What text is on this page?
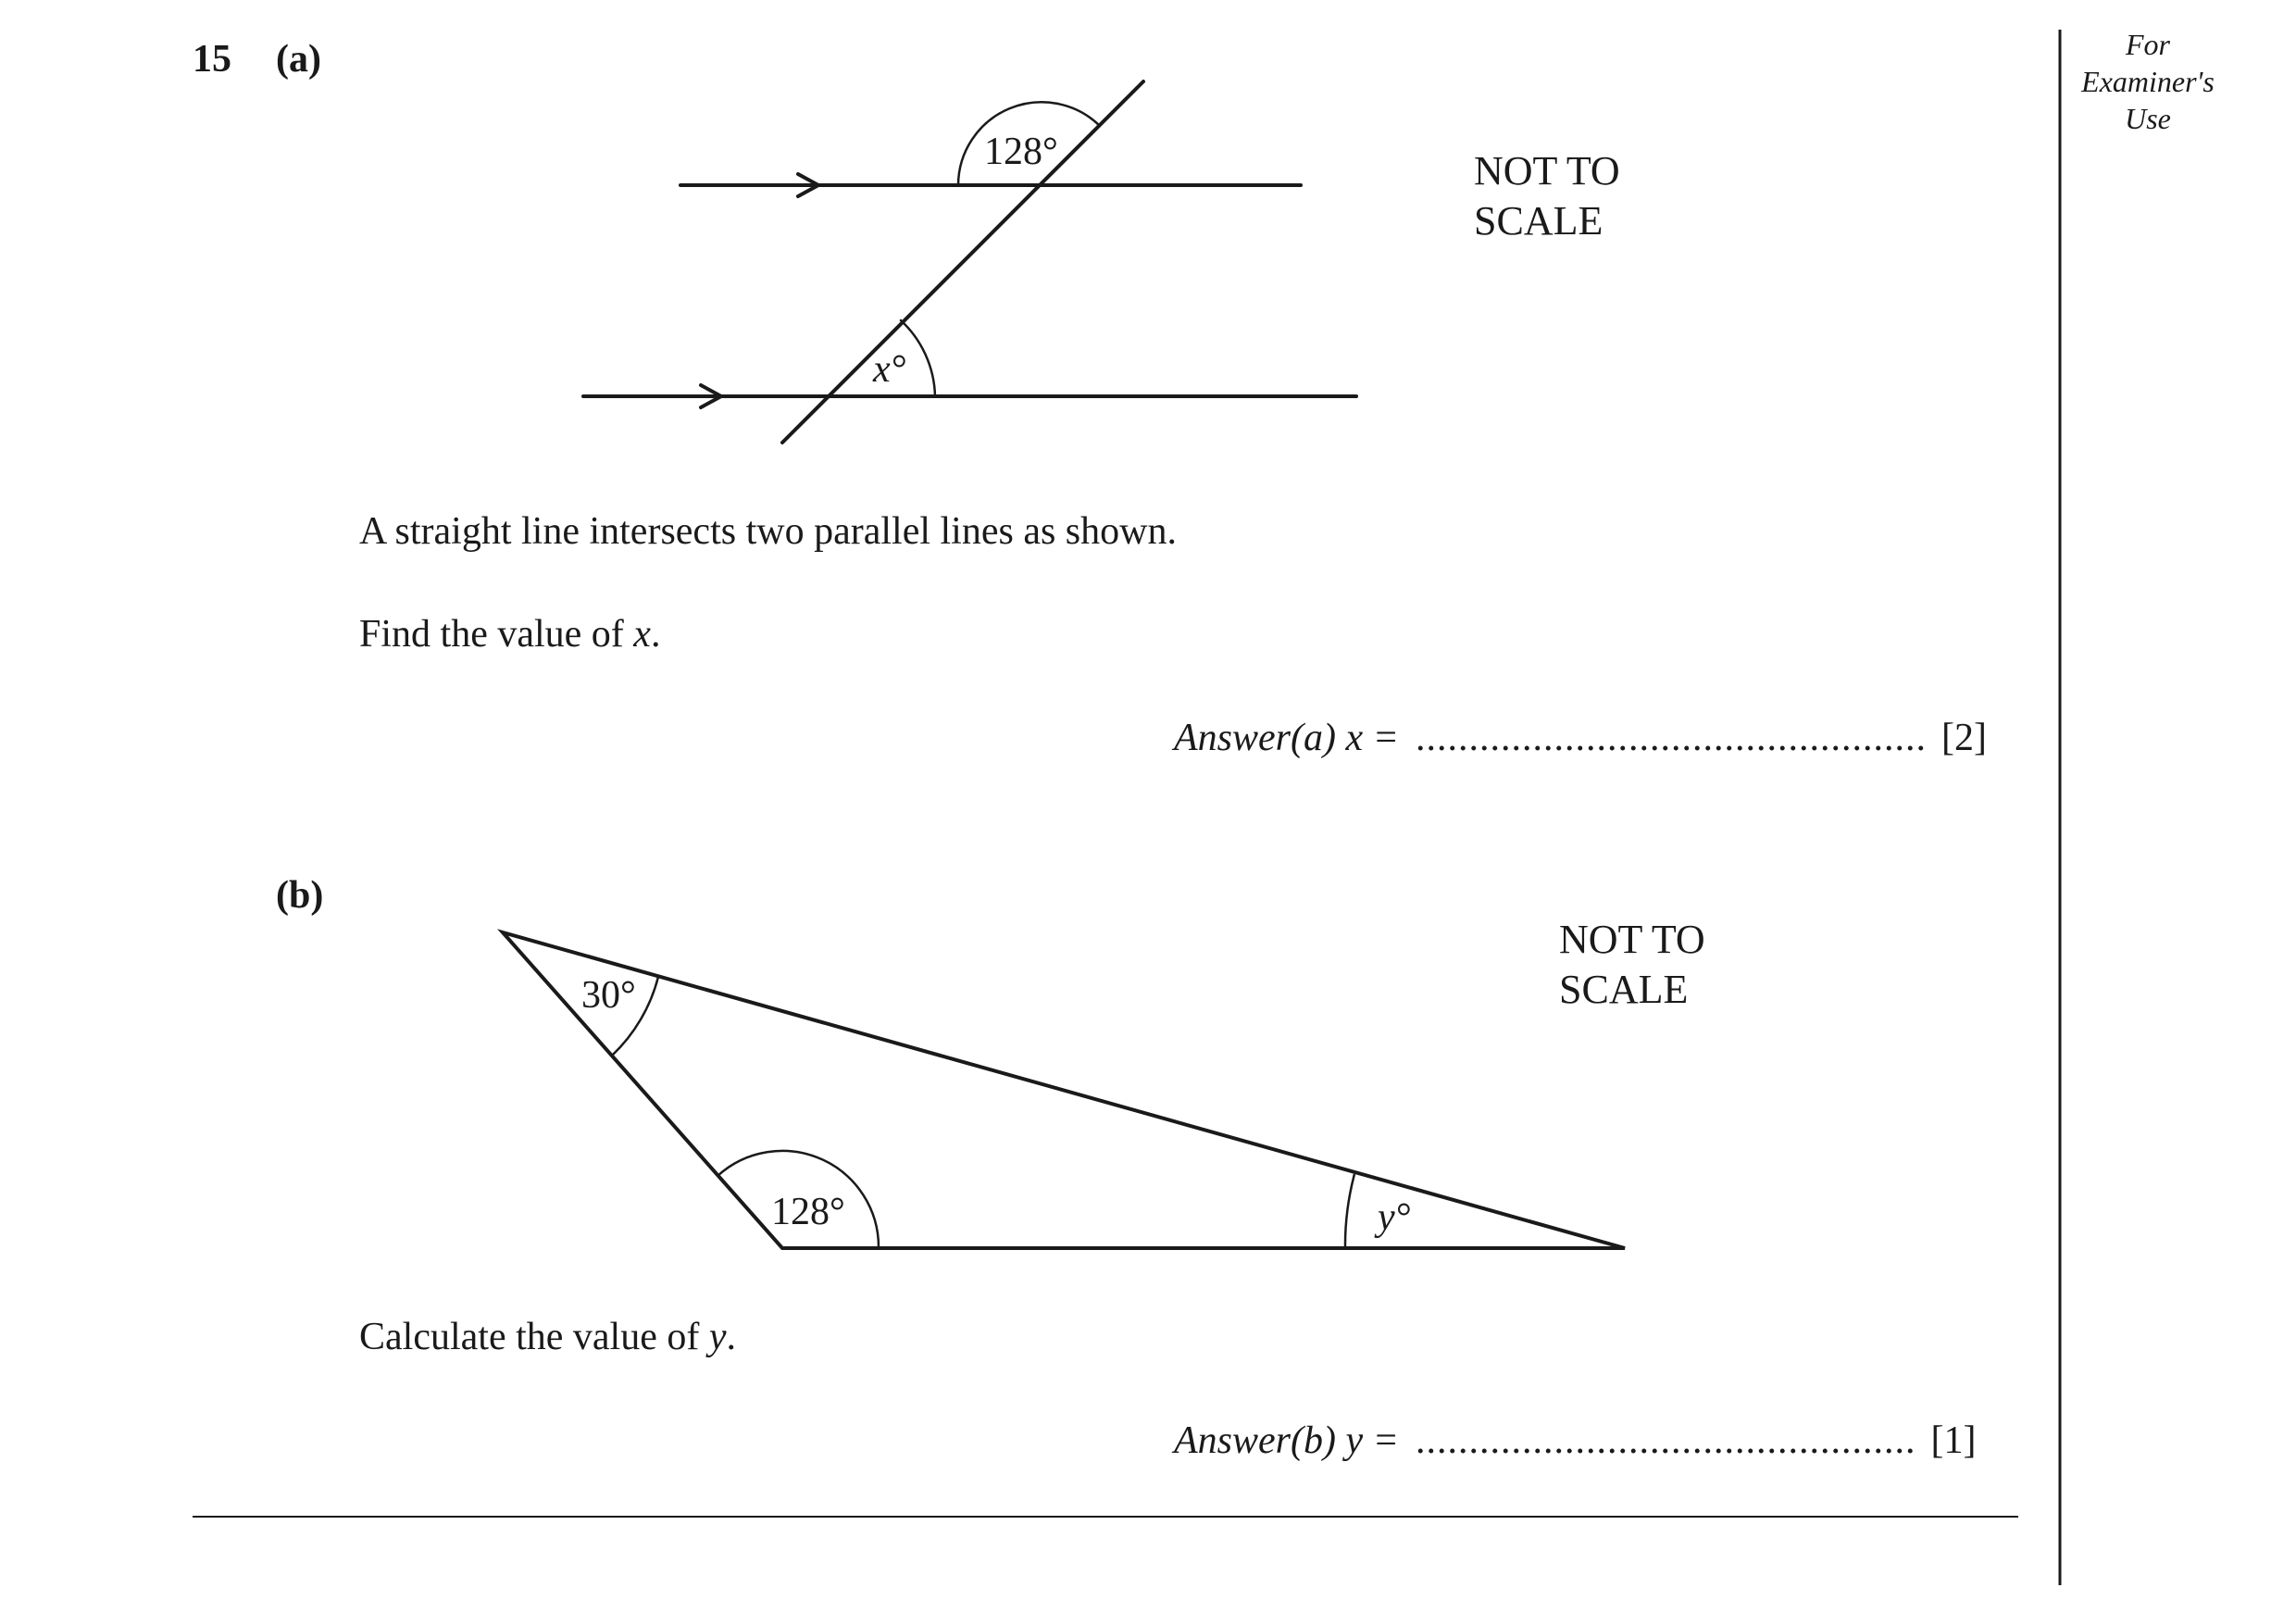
15 (a)	For
Examiner's
Use
128°
x°
30°
128°	y°
NOT TO SCALE
A straight line intersects two parallel lines as shown.
Find the value of x.
Answer(a) x = ................................................ [2]
(b)
NOT TO SCALE
Calculate the value of y.
Answer(b) y = ............................................... [1]
